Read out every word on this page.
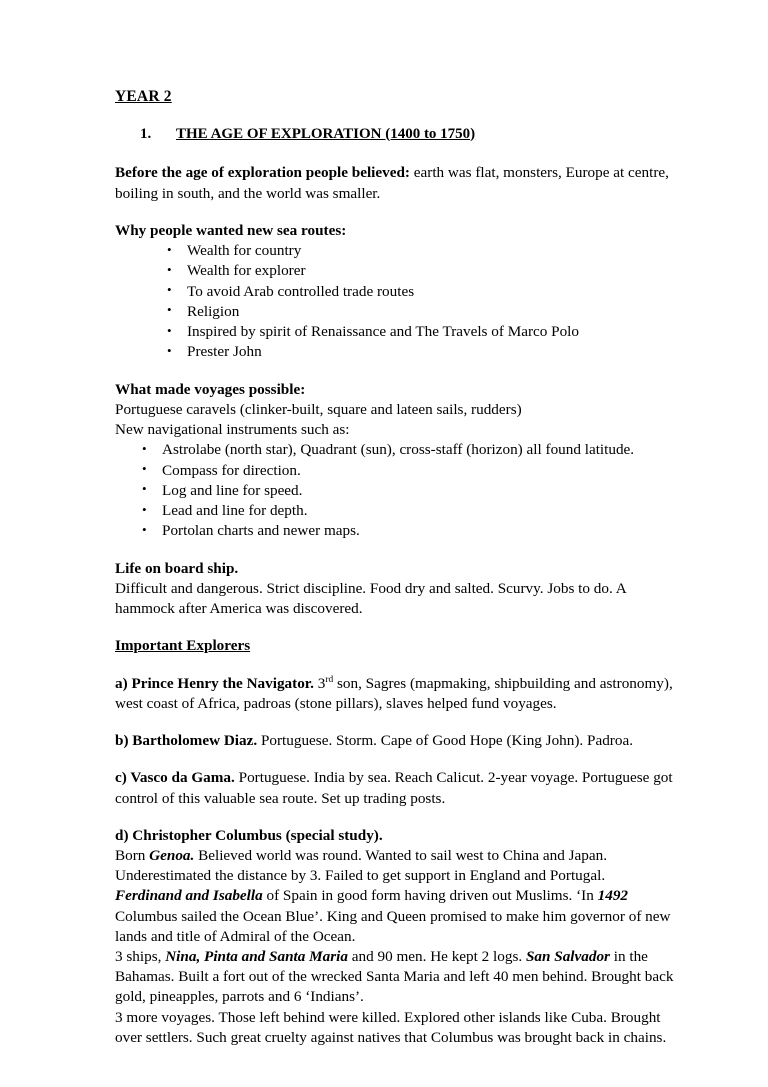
YEAR 2
1. THE AGE OF EXPLORATION (1400 to 1750)

Before the age of exploration people believed: earth was flat, monsters, Europe at centre, boiling in south, and the world was smaller.

Why people wanted new sea routes:
• Wealth for country
• Wealth for explorer
• To avoid Arab controlled trade routes
• Religion
• Inspired by spirit of Renaissance and The Travels of Marco Polo
• Prester John
What made voyages possible:

Portuguese caravels (clinker-built, square and lateen sails, rudders)

New navigational instruments such as:

• Astrolabe (north star), Quadrant (sun), cross-staff (horizon) all found latitude.
• Compass for direction.
• Log and line for speed.
• Lead and line for depth.
• Portolan charts and newer maps.
Life on board ship.

Difficult and dangerous. Strict discipline. Food dry and salted. Scurvy. Jobs to do. A hammock after America was discovered.

Important Explorers

a) Prince Henry the Navigator. 3rd son, Sagres (mapmaking, shipbuilding and astronomy), west coast of Africa, padroas (stone pillars), slaves helped fund voyages.

b) Bartholomew Diaz. Portuguese. Storm. Cape of Good Hope (King John). Padroa.

c) Vasco da Gama. Portuguese. India by sea. Reach Calicut. 2-year voyage. Portuguese got control of this valuable sea route. Set up trading posts.

d) Christopher Columbus (special study).

Born Genoa. Believed world was round. Wanted to sail west to China and Japan. Underestimated the distance by 3. Failed to get support in England and Portugal.

Ferdinand and Isabella of Spain in good form having driven out Muslims. ‘In 1492 Columbus sailed the Ocean Blue’. King and Queen promised to make him governor of new lands and title of Admiral of the Ocean.

3 ships, Nina, Pinta and Santa Maria and 90 men. He kept 2 logs. San Salvador in the Bahamas. Built a fort out of the wrecked Santa Maria and left 40 men behind. Brought back gold, pineapples, parrots and 6 ‘Indians’.

3 more voyages. Those left behind were killed. Explored other islands like Cuba. Brought over settlers. Such great cruelty against natives that Columbus was brought back in chains.
